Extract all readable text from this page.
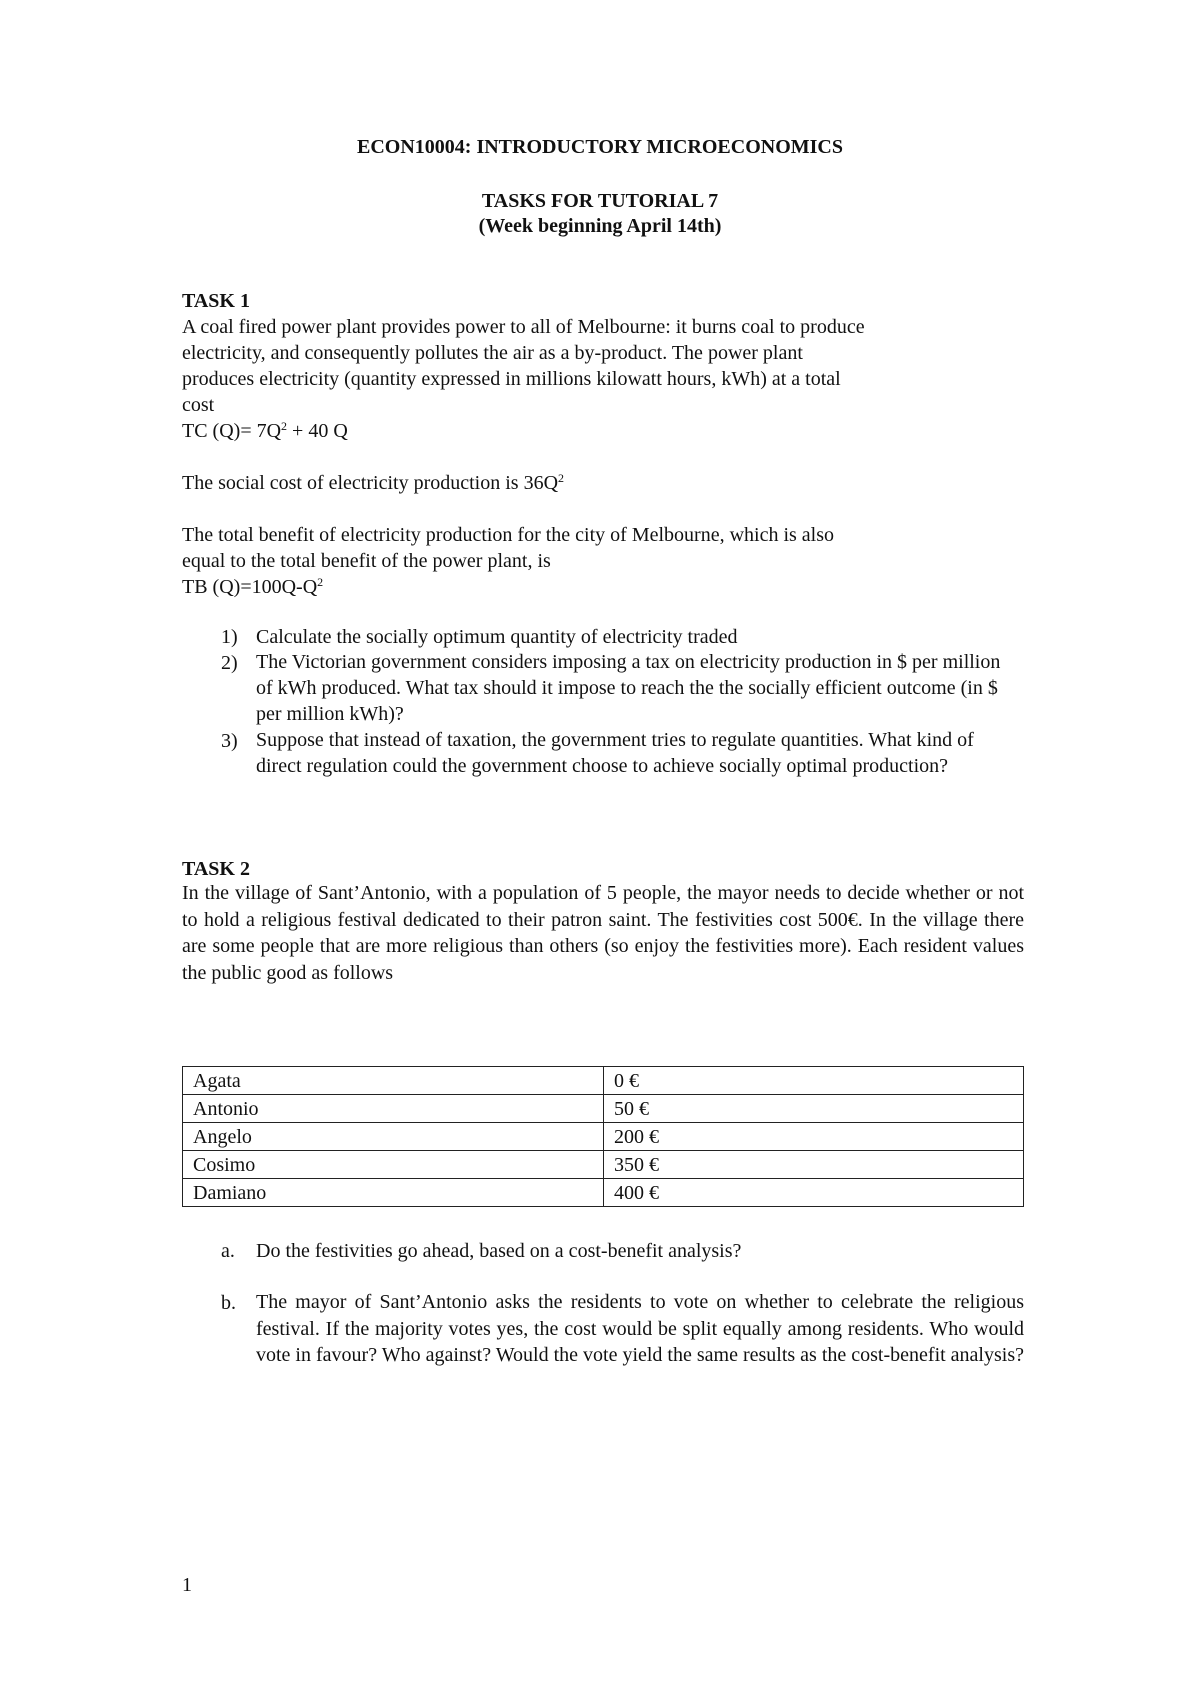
ECON10004: INTRODUCTORY MICROECONOMICS
TASKS FOR TUTORIAL 7
(Week beginning April 14th)
TASK 1
A coal fired power plant provides power to all of Melbourne: it burns coal to produce
electricity, and consequently pollutes the air as a by-product. The power plant
produces electricity (quantity expressed in millions kilowatt hours, kWh) at a total
cost
TC $(Q)= 7Q^2 + 40$ Q
The social cost of electricity production is $36Q^2$
The total benefit of electricity production for the city of Melbourne, which is also
equal to the total benefit of the power plant, is
TB $(Q)=100Q-Q^2$
1) Calculate the socially optimum quantity of electricity traded
2) The Victorian government considers imposing a tax on electricity production in $ per million of kWh produced. What tax should it impose to reach the the socially efficient outcome (in $ per million kWh)?
3) Suppose that instead of taxation, the government tries to regulate quantities. What kind of direct regulation could the government choose to achieve socially optimal production?
TASK 2
In the village of Sant’Antonio, with a population of 5 people, the mayor needs to decide whether or not to hold a religious festival dedicated to their patron saint. The festivities cost 500€. In the village there are some people that are more religious than others (so enjoy the festivities more). Each resident values the public good as follows
Agata	0 €
Antonio	50 €
Angelo	200 €
Cosimo	350 €
Damiano	400 €
a.	Do the festivities go ahead, based on a cost-benefit analysis?
b.	The mayor of Sant’Antonio asks the residents to vote on whether to celebrate the religious festival. If the majority votes yes, the cost would be split equally among residents. Who would vote in favour? Who against? Would the vote yield the same results as the cost-benefit analysis?
1
